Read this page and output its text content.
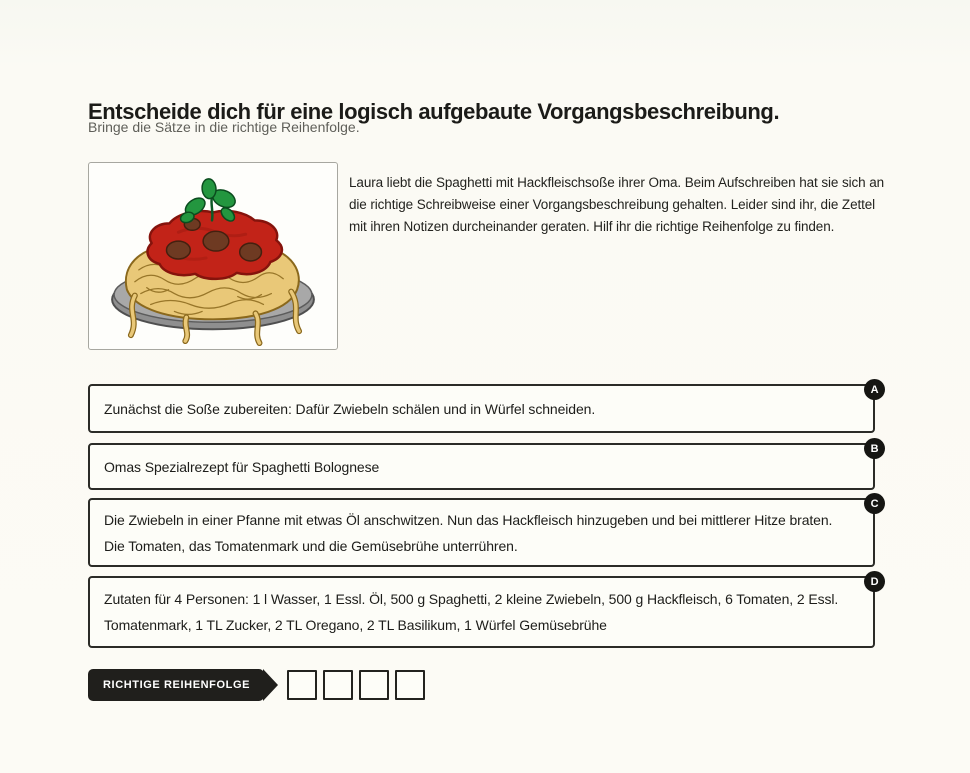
Entscheide dich für eine logisch aufgebaute Vorgangsbeschreibung.
Bringe die Sätze in die richtige Reihenfolge.

Laura liebt die Spaghetti mit Hackfleischsoße ihrer Oma. Beim Aufschreiben hat sie sich an die richtige Schreibweise einer Vorgangsbeschreibung gehalten. Leider sind ihr, die Zettel mit ihren Notizen durcheinander geraten. Hilf ihr die richtige Reihenfolge zu finden.

Zunächst die Soße zubereiten: Dafür Zwiebeln schälen und in Würfel schneiden.
A
Omas Spezialrezept für Spaghetti Bolognese
B
Die Zwiebeln in einer Pfanne mit etwas Öl anschwitzen. Nun das Hackfleisch hinzugeben und bei mittlerer Hitze braten. Die Tomaten, das Tomatenmark und die Gemüsebrühe unterrühren.
C
Zutaten für 4 Personen: 1 l Wasser, 1 Essl. Öl, 500 g Spaghetti, 2 kleine Zwiebeln, 500 g Hackfleisch, 6 Tomaten, 2 Essl. Tomatenmark, 1 TL Zucker, 2 TL Oregano, 2 TL Basilikum, 1 Würfel Gemüsebrühe
D
RICHTIGE REIHENFOLGE
